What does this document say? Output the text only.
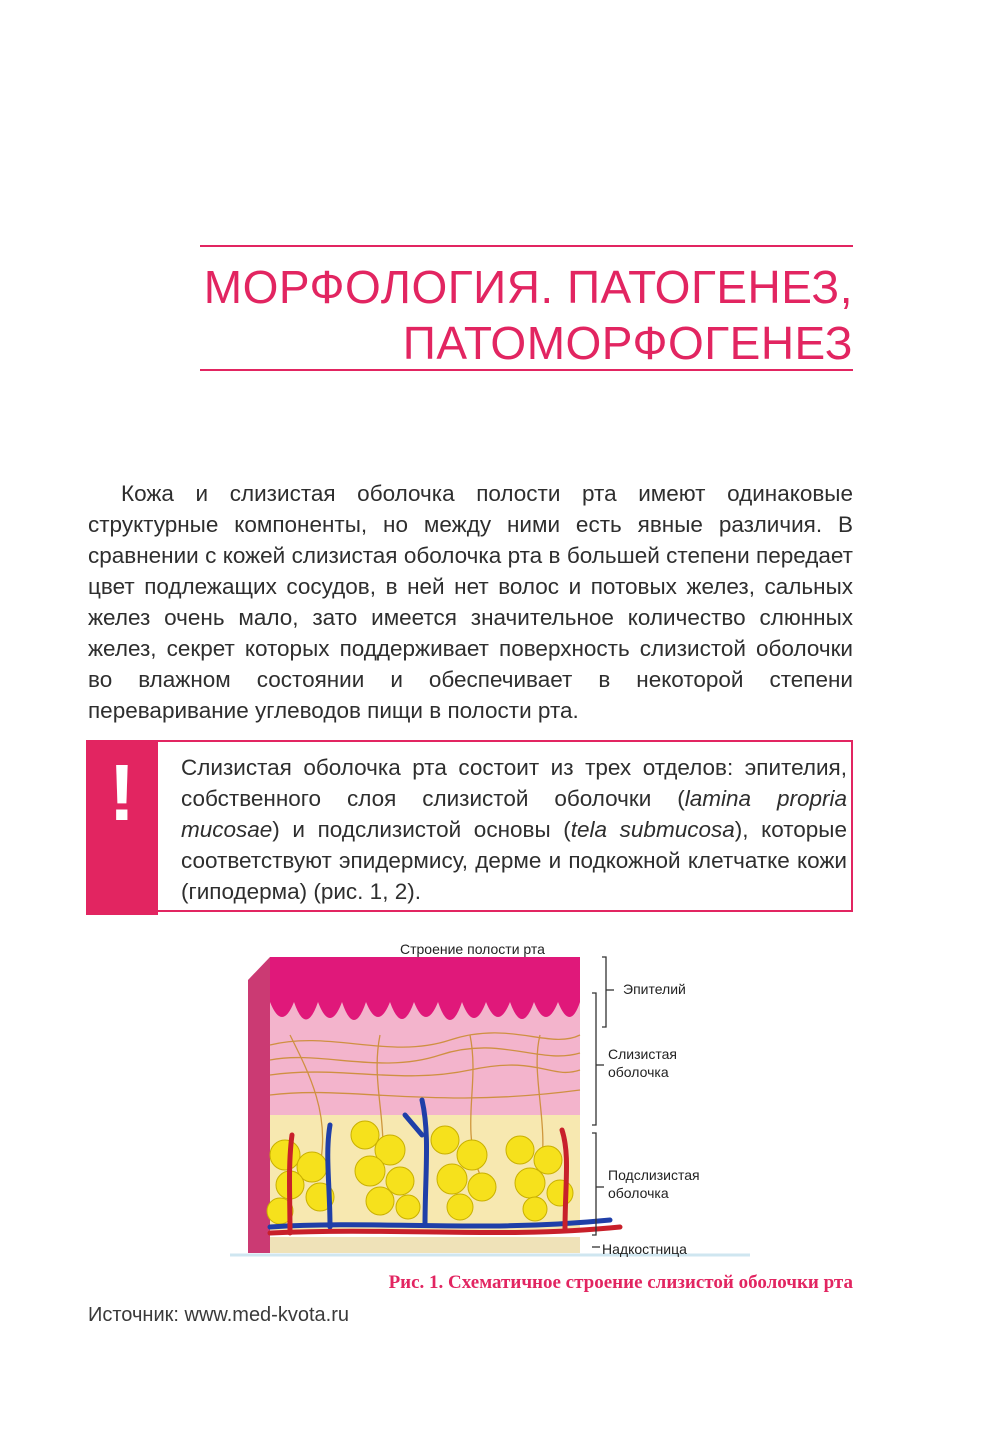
МОРФОЛОГИЯ. ПАТОГЕНЕЗ,
ПАТОМОРФОГЕНЕЗ

Кожа и слизистая оболочка полости рта имеют одинаковые структурные компоненты, но между ними есть явные различия. В сравнении с кожей слизистая оболочка рта в большей степени передает цвет подлежащих сосудов, в ней нет волос и потовых желез, сальных желез очень мало, зато имеется значительное количество слюнных желез, секрет которых поддерживает поверхность слизистой оболочки во влажном состоянии и обеспечивает в некоторой степени переваривание углеводов пищи в полости рта.

!	Слизистая оболочка рта состоит из трех отделов: эпителия, собственного слоя слизистой оболочки (lamina propria mucosae) и подслизистой основы (tela submucosa), которые соответствуют эпидермису, дерме и подкожной клетчатке кожи (гиподерма) (рис. 1, 2).

Строение полости рта
Эпителий
Слизистая
оболочка
Подслизистая
оболочка
Надкостница
Рис. 1. Схематичное строение слизистой оболочки рта
Источник: www.med-kvota.ru
